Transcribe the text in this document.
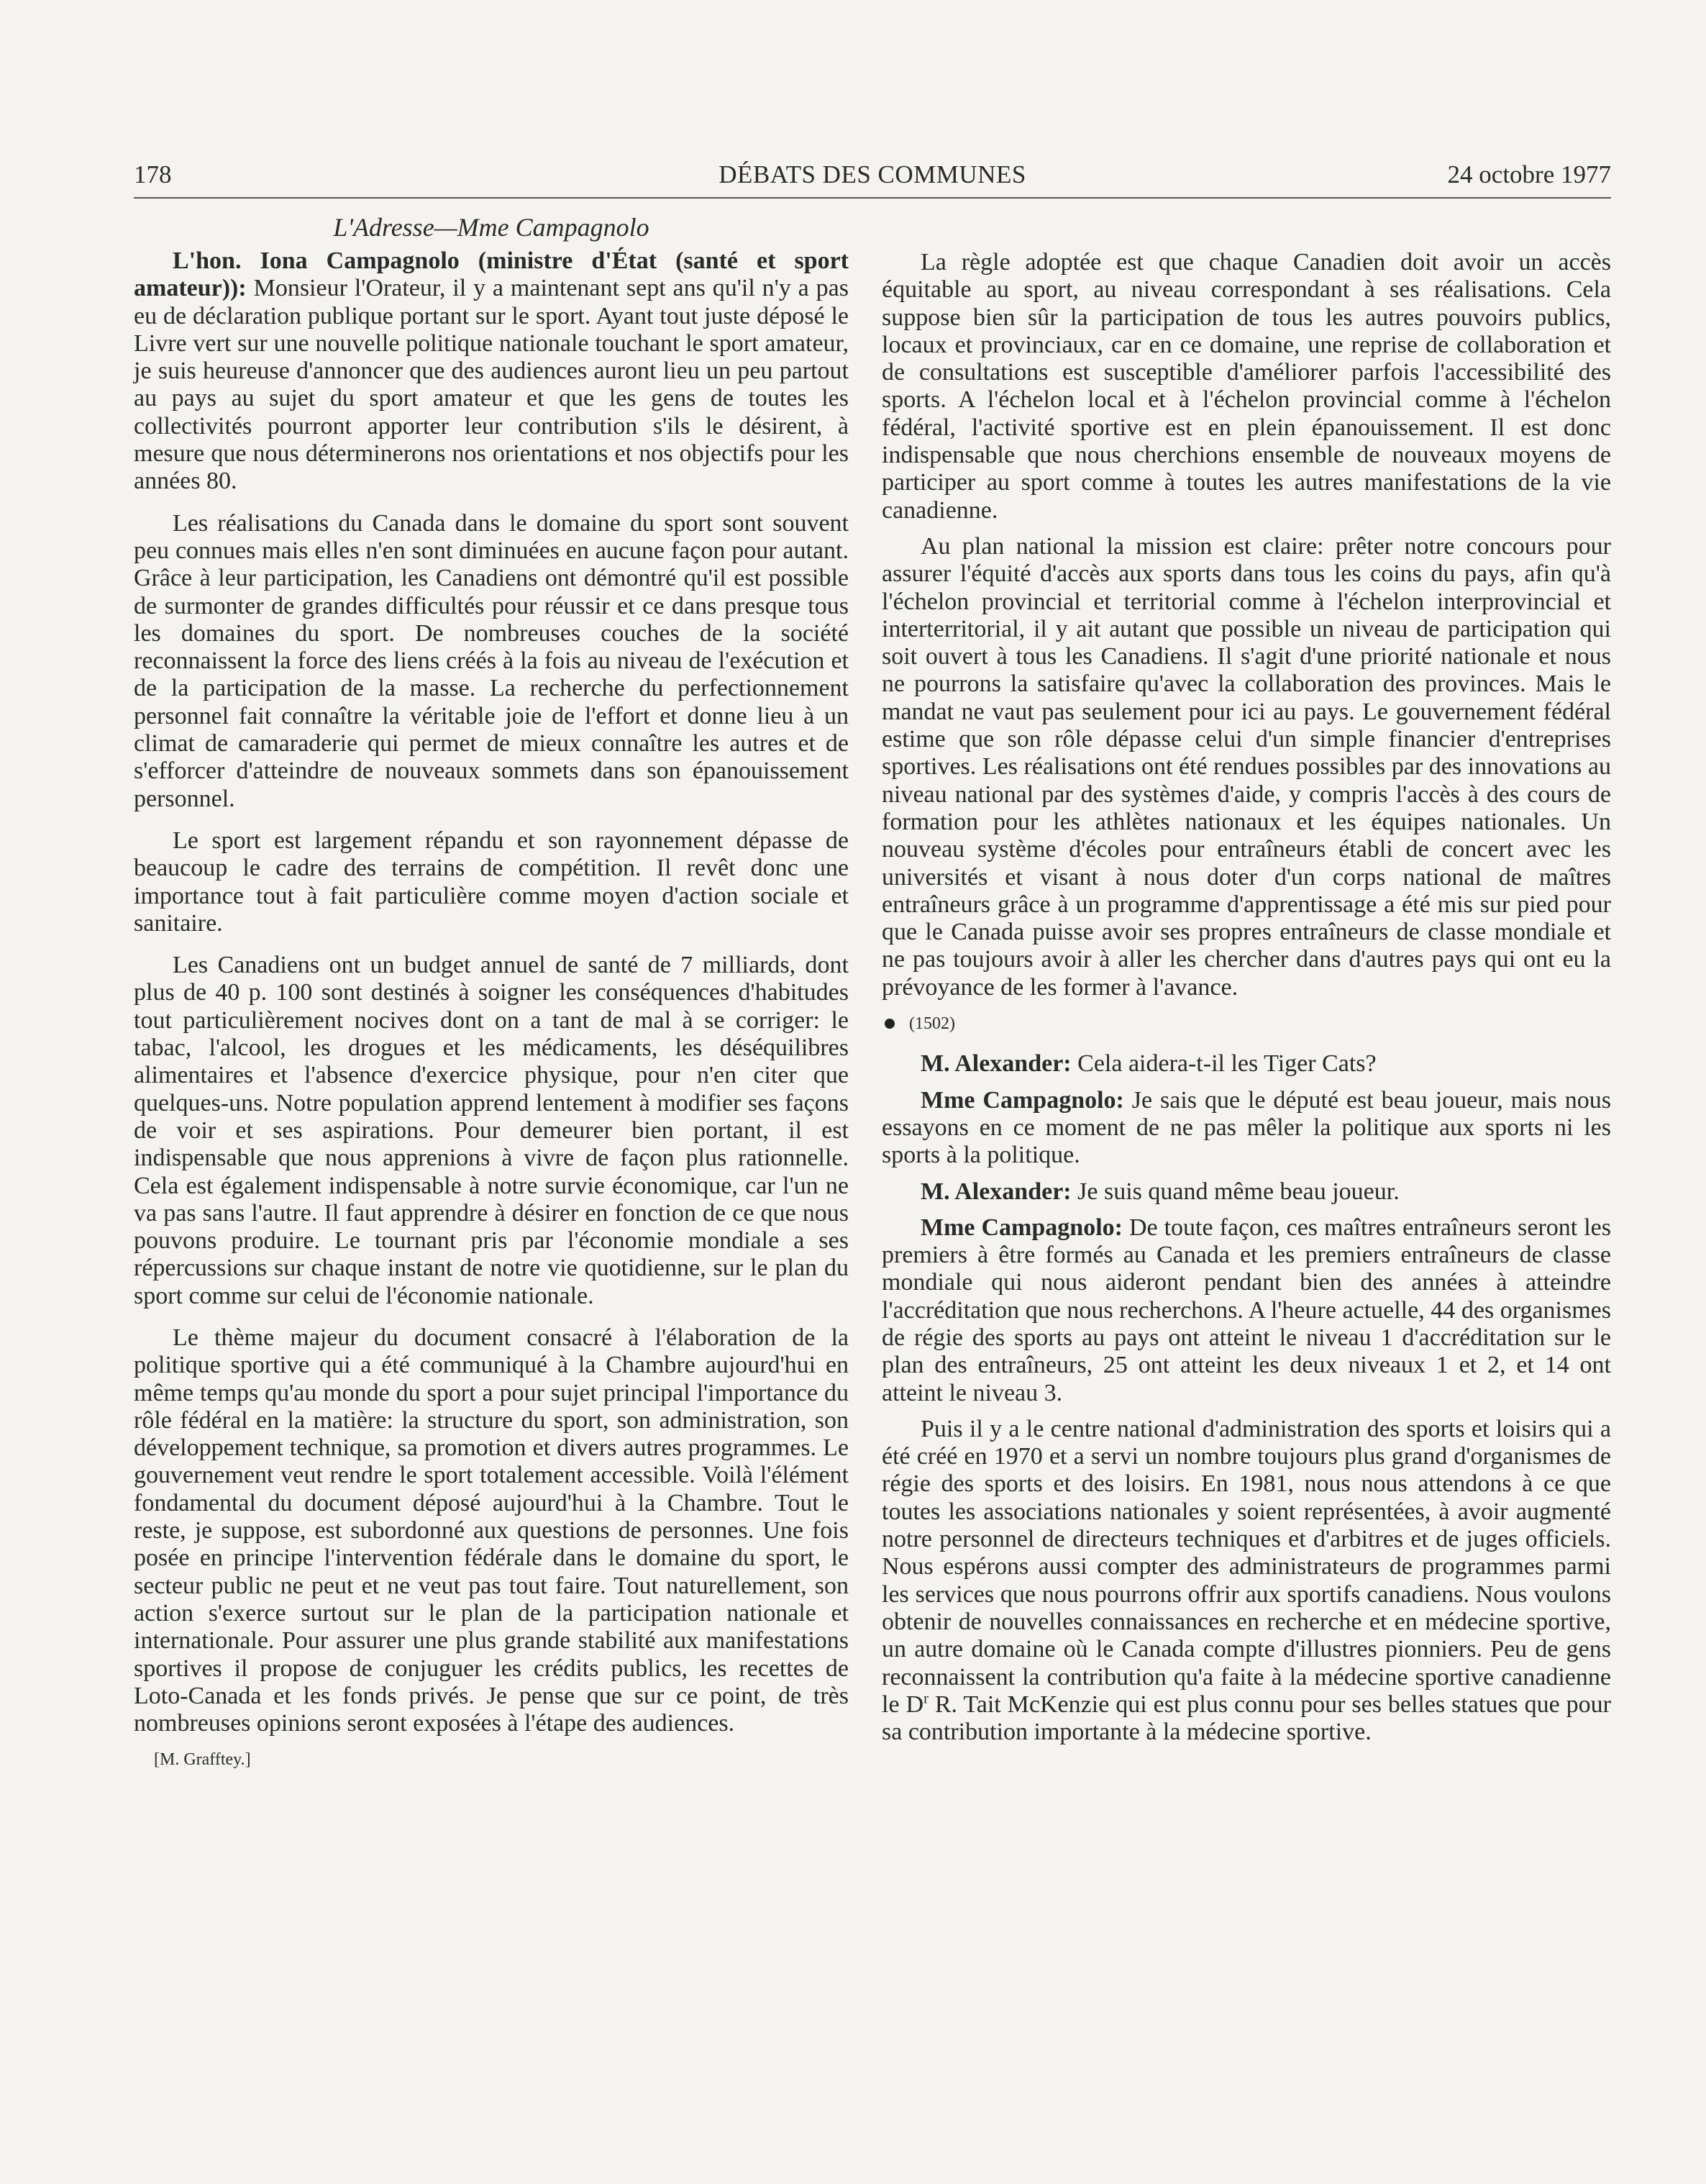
178	DÉBATS DES COMMUNES	24 octobre 1977
L'Adresse—Mme Campagnolo

L'hon. Iona Campagnolo (ministre d'État (santé et sport amateur)): Monsieur l'Orateur, il y a maintenant sept ans qu'il n'y a pas eu de déclaration publique portant sur le sport. Ayant tout juste déposé le Livre vert sur une nouvelle politique nationale touchant le sport amateur, je suis heureuse d'annoncer que des audiences auront lieu un peu partout au pays au sujet du sport amateur et que les gens de toutes les collectivités pourront apporter leur contribution s'ils le désirent, à mesure que nous déterminerons nos orientations et nos objectifs pour les années 80.

Les réalisations du Canada dans le domaine du sport sont souvent peu connues mais elles n'en sont diminuées en aucune façon pour autant. Grâce à leur participation, les Canadiens ont démontré qu'il est possible de surmonter de grandes difficultés pour réussir et ce dans presque tous les domaines du sport. De nombreuses couches de la société reconnaissent la force des liens créés à la fois au niveau de l'exécution et de la participation de la masse. La recherche du perfectionnement personnel fait connaître la véritable joie de l'effort et donne lieu à un climat de camaraderie qui permet de mieux connaître les autres et de s'efforcer d'atteindre de nouveaux sommets dans son épanouissement personnel.

Le sport est largement répandu et son rayonnement dépasse de beaucoup le cadre des terrains de compétition. Il revêt donc une importance tout à fait particulière comme moyen d'action sociale et sanitaire.

Les Canadiens ont un budget annuel de santé de 7 milliards, dont plus de 40 p. 100 sont destinés à soigner les conséquences d'habitudes tout particulièrement nocives dont on a tant de mal à se corriger: le tabac, l'alcool, les drogues et les médicaments, les déséquilibres alimentaires et l'absence d'exercice physique, pour n'en citer que quelques-uns. Notre population apprend lentement à modifier ses façons de voir et ses aspirations. Pour demeurer bien portant, il est indispensable que nous apprenions à vivre de façon plus rationnelle. Cela est également indispensable à notre survie économique, car l'un ne va pas sans l'autre. Il faut apprendre à désirer en fonction de ce que nous pouvons produire. Le tournant pris par l'économie mondiale a ses répercussions sur chaque instant de notre vie quotidienne, sur le plan du sport comme sur celui de l'économie nationale.

Le thème majeur du document consacré à l'élaboration de la politique sportive qui a été communiqué à la Chambre aujourd'hui en même temps qu'au monde du sport a pour sujet principal l'importance du rôle fédéral en la matière: la structure du sport, son administration, son développement technique, sa promotion et divers autres programmes. Le gouvernement veut rendre le sport totalement accessible. Voilà l'élément fondamental du document déposé aujourd'hui à la Chambre. Tout le reste, je suppose, est subordonné aux questions de personnes. Une fois posée en principe l'intervention fédérale dans le domaine du sport, le secteur public ne peut et ne veut pas tout faire. Tout naturellement, son action s'exerce surtout sur le plan de la participation nationale et internationale. Pour assurer une plus grande stabilité aux manifestations sportives il propose de conjuguer les crédits publics, les recettes de Loto-Canada et les fonds privés. Je pense que sur ce point, de très nombreuses opinions seront exposées à l'étape des audiences.

[M. Grafftey.]

La règle adoptée est que chaque Canadien doit avoir un accès équitable au sport, au niveau correspondant à ses réalisations. Cela suppose bien sûr la participation de tous les autres pouvoirs publics, locaux et provinciaux, car en ce domaine, une reprise de collaboration et de consultations est susceptible d'améliorer parfois l'accessibilité des sports. A l'échelon local et à l'échelon provincial comme à l'échelon fédéral, l'activité sportive est en plein épanouissement. Il est donc indispensable que nous cherchions ensemble de nouveaux moyens de participer au sport comme à toutes les autres manifestations de la vie canadienne.

Au plan national la mission est claire: prêter notre concours pour assurer l'équité d'accès aux sports dans tous les coins du pays, afin qu'à l'échelon provincial et territorial comme à l'échelon interprovincial et interterritorial, il y ait autant que possible un niveau de participation qui soit ouvert à tous les Canadiens. Il s'agit d'une priorité nationale et nous ne pourrons la satisfaire qu'avec la collaboration des provinces. Mais le mandat ne vaut pas seulement pour ici au pays. Le gouvernement fédéral estime que son rôle dépasse celui d'un simple financier d'entreprises sportives. Les réalisations ont été rendues possibles par des innovations au niveau national par des systèmes d'aide, y compris l'accès à des cours de formation pour les athlètes nationaux et les équipes nationales. Un nouveau système d'écoles pour entraîneurs établi de concert avec les universités et visant à nous doter d'un corps national de maîtres entraîneurs grâce à un programme d'apprentissage a été mis sur pied pour que le Canada puisse avoir ses propres entraîneurs de classe mondiale et ne pas toujours avoir à aller les chercher dans d'autres pays qui ont eu la prévoyance de les former à l'avance.

(1502)

M. Alexander: Cela aidera-t-il les Tiger Cats?

Mme Campagnolo: Je sais que le député est beau joueur, mais nous essayons en ce moment de ne pas mêler la politique aux sports ni les sports à la politique.

M. Alexander: Je suis quand même beau joueur.

Mme Campagnolo: De toute façon, ces maîtres entraîneurs seront les premiers à être formés au Canada et les premiers entraîneurs de classe mondiale qui nous aideront pendant bien des années à atteindre l'accréditation que nous recherchons. A l'heure actuelle, 44 des organismes de régie des sports au pays ont atteint le niveau 1 d'accréditation sur le plan des entraîneurs, 25 ont atteint les deux niveaux 1 et 2, et 14 ont atteint le niveau 3.

Puis il y a le centre national d'administration des sports et loisirs qui a été créé en 1970 et a servi un nombre toujours plus grand d'organismes de régie des sports et des loisirs. En 1981, nous nous attendons à ce que toutes les associations nationales y soient représentées, à avoir augmenté notre personnel de directeurs techniques et d'arbitres et de juges officiels. Nous espérons aussi compter des administrateurs de programmes parmi les services que nous pourrons offrir aux sportifs canadiens. Nous voulons obtenir de nouvelles connaissances en recherche et en médecine sportive, un autre domaine où le Canada compte d'illustres pionniers. Peu de gens reconnaissent la contribution qu'a faite à la médecine sportive canadienne le $D^r$ R. Tait McKenzie qui est plus connu pour ses belles statues que pour sa contribution importante à la médecine sportive.
